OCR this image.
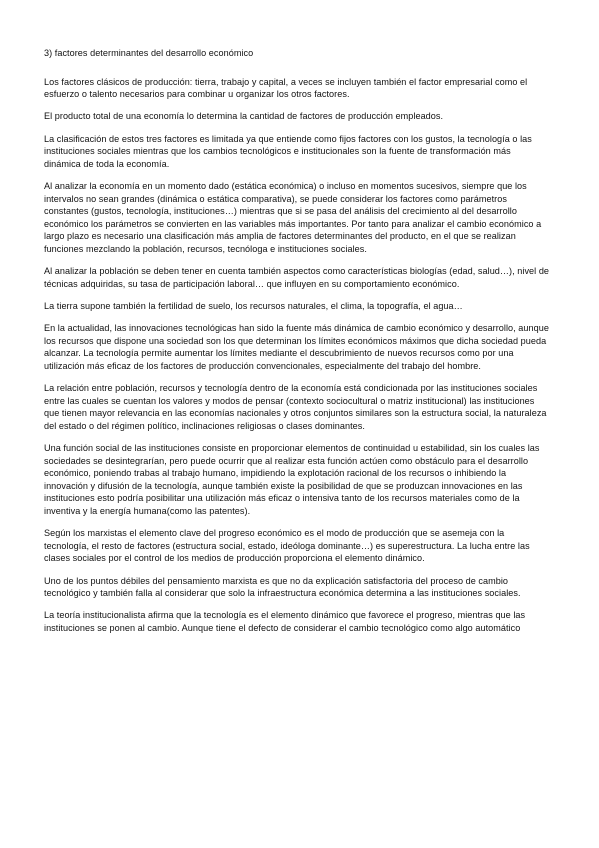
3) factores determinantes del desarrollo económico

Los factores clásicos de producción: tierra, trabajo y capital, a veces se incluyen también el factor empresarial como el esfuerzo o talento necesarios para combinar u organizar los otros factores.

El producto total de una economía lo determina la cantidad de factores de producción empleados.

La clasificación de estos tres factores es limitada ya que entiende como fijos factores con los gustos, la tecnología o las instituciones sociales mientras que los cambios tecnológicos e institucionales son la fuente de transformación más dinámica de toda la economía.

Al analizar la economía en un momento dado (estática económica) o incluso en momentos sucesivos, siempre que los intervalos no sean grandes (dinámica o estática comparativa), se puede considerar los factores como parámetros constantes (gustos, tecnología, instituciones…) mientras que si se pasa del análisis del crecimiento al del desarrollo económico los parámetros se convierten en las variables más importantes. Por tanto para analizar el cambio económico a largo plazo es necesario una clasificación más amplia de factores determinantes del producto, en el que se realizan funciones mezclando la población, recursos, tecnóloga e instituciones sociales.

Al analizar la población se deben tener en cuenta también aspectos como características biologías (edad, salud…), nivel de técnicas adquiridas, su tasa de participación laboral… que influyen en su comportamiento económico.

La tierra supone también la fertilidad de suelo, los recursos naturales, el clima, la topografía, el agua…

En la actualidad, las innovaciones tecnológicas han sido la fuente más dinámica de cambio económico y desarrollo, aunque los recursos que dispone una sociedad son los que determinan los límites económicos máximos que dicha sociedad pueda alcanzar. La tecnología permite aumentar los límites mediante el descubrimiento de nuevos recursos como por una utilización más eficaz de los factores de producción convencionales, especialmente del trabajo del hombre.

La relación entre población, recursos y tecnología dentro de la economía está condicionada por las instituciones sociales entre las cuales se cuentan los valores y modos de pensar (contexto sociocultural o matriz institucional) las instituciones que tienen mayor relevancia en las economías nacionales y otros conjuntos similares son la estructura social, la naturaleza del estado o del régimen político, inclinaciones religiosas o clases dominantes.

Una función social de las instituciones consiste en proporcionar elementos de continuidad u estabilidad, sin los cuales las sociedades se desintegrarían, pero puede ocurrir que al realizar esta función actúen como obstáculo para el desarrollo económico, poniendo trabas al trabajo humano, impidiendo la explotación racional de los recursos o inhibiendo la innovación y difusión de la tecnología, aunque también existe la posibilidad de que se produzcan innovaciones en las instituciones esto podría posibilitar una utilización más eficaz o intensiva tanto de los recursos materiales como de la inventiva y la energía humana(como las patentes).

Según los marxistas el elemento clave del progreso económico es el modo de producción que se asemeja con la tecnología, el resto de factores (estructura social, estado, ideóloga dominante…) es superestructura. La lucha entre las clases sociales por el control de los medios de producción proporciona el elemento dinámico.

Uno de los puntos débiles del pensamiento marxista es que no da explicación satisfactoria del proceso de cambio tecnológico y también falla al considerar que solo la infraestructura económica determina a las instituciones sociales.

La teoría institucionalista afirma que la tecnología es el elemento dinámico que favorece el progreso, mientras que las instituciones se ponen al cambio. Aunque tiene el defecto de considerar el cambio tecnológico como algo automático
